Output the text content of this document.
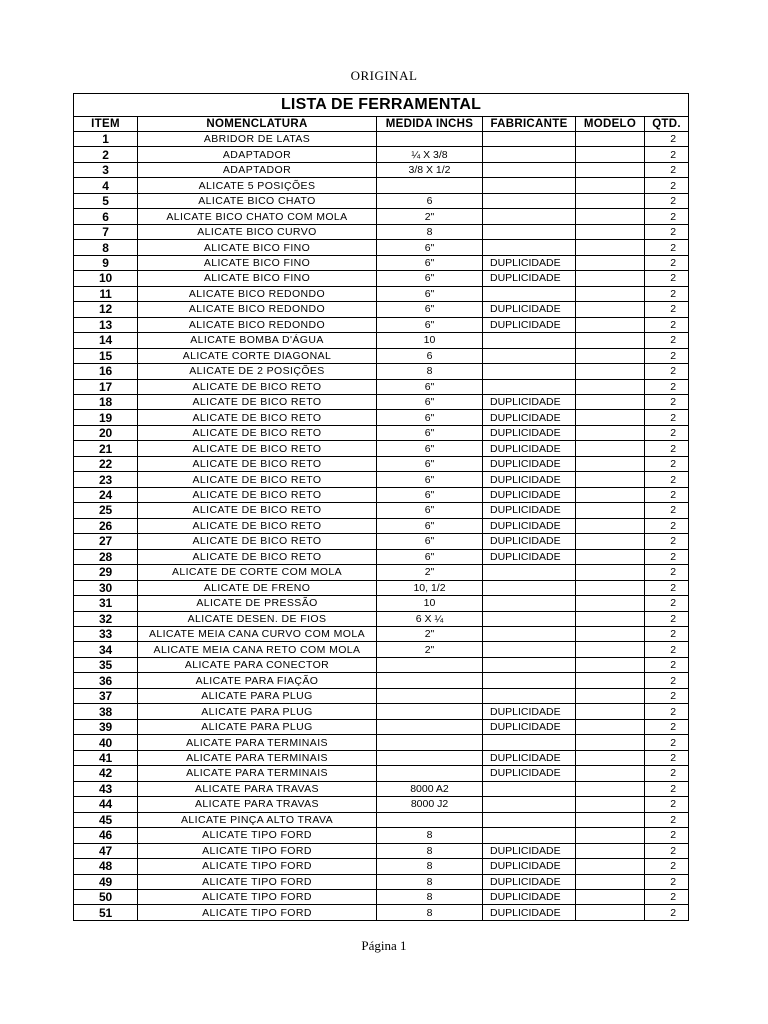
ORIGINAL
LISTA DE FERRAMENTAL					
ITEM	NOMENCLATURA	MEDIDA INCHS	FABRICANTE	MODELO	QTD.
1	ABRIDOR DE LATAS				2
2	ADAPTADOR	¼ X 3/8			2
3	ADAPTADOR	3/8 X 1/2			2
4	ALICATE 5 POSIÇÕES				2
5	ALICATE BICO CHATO	6			2
6	ALICATE BICO CHATO COM MOLA	2"			2
7	ALICATE BICO CURVO	8			2
8	ALICATE BICO FINO	6"			2
9	ALICATE BICO FINO	6"	DUPLICIDADE		2
10	ALICATE BICO FINO	6"	DUPLICIDADE		2
11	ALICATE BICO REDONDO	6"			2
12	ALICATE BICO REDONDO	6"	DUPLICIDADE		2
13	ALICATE BICO REDONDO	6"	DUPLICIDADE		2
14	ALICATE BOMBA D'ÁGUA	10			2
15	ALICATE CORTE DIAGONAL	6			2
16	ALICATE DE 2 POSIÇÕES	8			2
17	ALICATE DE BICO RETO	6"			2
18	ALICATE DE BICO RETO	6"	DUPLICIDADE		2
19	ALICATE DE BICO RETO	6"	DUPLICIDADE		2
20	ALICATE DE BICO RETO	6"	DUPLICIDADE		2
21	ALICATE DE BICO RETO	6"	DUPLICIDADE		2
22	ALICATE DE BICO RETO	6"	DUPLICIDADE		2
23	ALICATE DE BICO RETO	6"	DUPLICIDADE		2
24	ALICATE DE BICO RETO	6"	DUPLICIDADE		2
25	ALICATE DE BICO RETO	6"	DUPLICIDADE		2
26	ALICATE DE BICO RETO	6"	DUPLICIDADE		2
27	ALICATE DE BICO RETO	6"	DUPLICIDADE		2
28	ALICATE DE BICO RETO	6"	DUPLICIDADE		2
29	ALICATE DE CORTE COM MOLA	2"			2
30	ALICATE DE FRENO	10, 1/2			2
31	ALICATE DE PRESSÃO	10			2
32	ALICATE DESEN. DE FIOS	6 X ¼			2
33	ALICATE MEIA CANA CURVO COM MOLA	2"			2
34	ALICATE MEIA CANA RETO COM MOLA	2"			2
35	ALICATE PARA CONECTOR				2
36	ALICATE PARA FIAÇÃO				2
37	ALICATE PARA PLUG				2
38	ALICATE PARA PLUG		DUPLICIDADE		2
39	ALICATE PARA PLUG		DUPLICIDADE		2
40	ALICATE PARA TERMINAIS				2
41	ALICATE PARA TERMINAIS		DUPLICIDADE		2
42	ALICATE PARA TERMINAIS		DUPLICIDADE		2
43	ALICATE PARA TRAVAS	8000 A2			2
44	ALICATE PARA TRAVAS	8000 J2			2
45	ALICATE PINÇA ALTO TRAVA				2
46	ALICATE TIPO FORD	8			2
47	ALICATE TIPO FORD	8	DUPLICIDADE		2
48	ALICATE TIPO FORD	8	DUPLICIDADE		2
49	ALICATE TIPO FORD	8	DUPLICIDADE		2
50	ALICATE TIPO FORD	8	DUPLICIDADE		2
51	ALICATE TIPO FORD	8	DUPLICIDADE		2
Página 1
